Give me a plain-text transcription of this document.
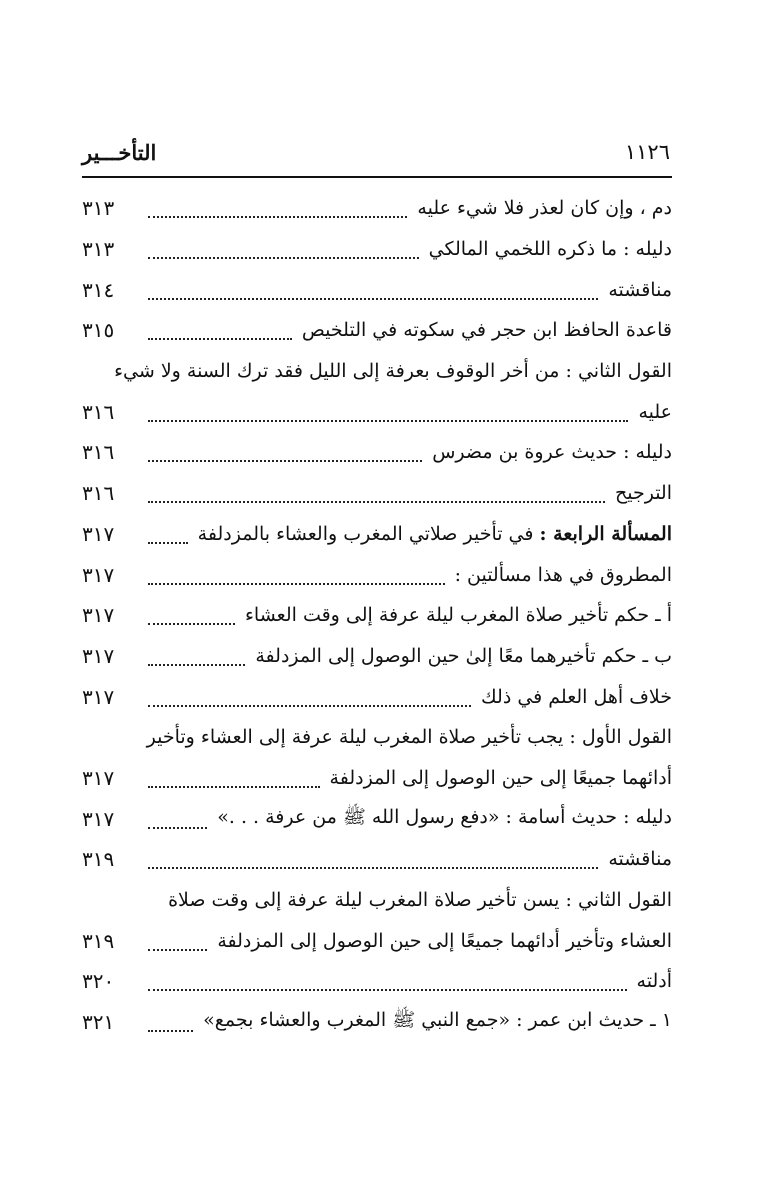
١١٢٦
التأخـــير
دم ، وإن كان لعذر فلا شيء عليه
٣١٣
دليله : ما ذكره اللخمي المالكي
٣١٣
مناقشته
٣١٤
قاعدة الحافظ ابن حجر في سكوته في التلخيص
٣١٥
القول الثاني : من أخر الوقوف بعرفة إلى الليل فقد ترك السنة ولا شيء
عليه
٣١٦
دليله : حديث عروة بن مضرس
٣١٦
الترجيح
٣١٦
المسألة الرابعة : في تأخير صلاتي المغرب والعشاء بالمزدلفة
٣١٧
المطروق في هذا مسألتين :
٣١٧
أ ـ حكم تأخير صلاة المغرب ليلة عرفة إلى وقت العشاء
٣١٧
ب ـ حكم تأخيرهما معًا إلىٰ حين الوصول إلى المزدلفة
٣١٧
خلاف أهل العلم في ذلك
٣١٧
القول الأول : يجب تأخير صلاة المغرب ليلة عرفة إلى العشاء وتأخير
أدائهما جميعًا إلى حين الوصول إلى المزدلفة
٣١٧
دليله : حديث أسامة : «دفع رسول الله ﷺ من عرفة . . .»
٣١٧
مناقشته
٣١٩
القول الثاني : يسن تأخير صلاة المغرب ليلة عرفة إلى وقت صلاة
العشاء وتأخير أدائهما جميعًا إلى حين الوصول إلى المزدلفة
٣١٩
أدلته
٣٢٠
١ ـ حديث ابن عمر : «جمع النبي ﷺ المغرب والعشاء بجمع»
٣٢١
